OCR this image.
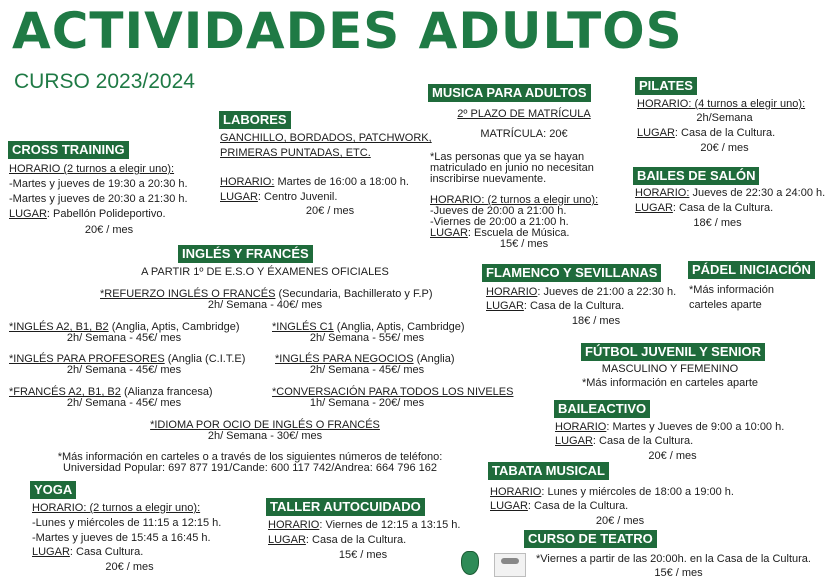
ACTIVIDADES ADULTOS
CURSO 2023/2024
LABORES
GANCHILLO, BORDADOS, PATCHWORK,
PRIMERAS PUNTADAS, ETC.
HORARIO: Martes de 16:00 a 18:00 h.
LUGAR: Centro Juvenil.
20€ / mes
CROSS TRAINING
HORARIO (2 turnos a elegir uno):
-Martes y jueves de 19:30 a 20:30 h.
-Martes y jueves de 20:30 a 21:30 h.
LUGAR: Pabellón Polideportivo.
20€ / mes
MUSICA PARA ADULTOS
2º PLAZO DE MATRÍCULA
MATRÍCULA: 20€
*Las personas que ya se hayan
matriculado en junio no necesitan
inscribirse nuevamente.
HORARIO: (2 turnos a elegir uno):
-Jueves de 20:00 a 21:00 h.
-Viernes de 20:00 a 21:00 h.
LUGAR: Escuela de Música.
15€ / mes
PILATES
HORARIO: (4 turnos a elegir uno):
2h/Semana
LUGAR: Casa de la Cultura.
20€ / mes
BAILES DE SALÓN
HORARIO: Jueves de 22:30 a 24:00 h.
LUGAR: Casa de la Cultura.
18€ / mes
INGLÉS Y FRANCÉS
A PARTIR 1º DE E.S.O Y ÉXAMENES OFICIALES
*REFUERZO INGLÉS O FRANCÉS (Secundaria, Bachillerato y F.P)
2h/ Semana - 40€/ mes
*INGLÉS A2, B1, B2 (Anglia, Aptis, Cambridge)
2h/ Semana - 45€/ mes
*INGLÉS C1 (Anglia, Aptis, Cambridge)
2h/ Semana - 55€/ mes
*INGLÉS PARA PROFESORES (Anglia (C.I.T.E)
2h/ Semana - 45€/ mes
*INGLÉS PARA NEGOCIOS (Anglia)
2h/ Semana - 45€/ mes
*FRANCÉS A2, B1, B2 (Alianza francesa)
2h/ Semana - 45€/ mes
*CONVERSACIÓN PARA TODOS LOS NIVELES
1h/ Semana - 20€/ mes
*IDIOMA POR OCIO DE INGLÉS O FRANCÉS
2h/ Semana - 30€/ mes
*Más información en carteles o a través de los siguientes números de teléfono:
Universidad Popular: 697 877 191/Cande: 600 117 742/Andrea: 664 796 162
FLAMENCO Y SEVILLANAS
HORARIO: Jueves de 21:00 a 22:30 h.
LUGAR: Casa de la Cultura.
18€ / mes
PÁDEL INICIACIÓN
*Más información
carteles aparte
FÚTBOL JUVENIL Y SENIOR
MASCULINO Y FEMENINO
*Más información en carteles aparte
BAILEACTIVO
HORARIO: Martes y Jueves de 9:00 a 10:00 h.
LUGAR: Casa de la Cultura.
20€ / mes
TABATA MUSICAL
HORARIO: Lunes y miércoles de 18:00 a 19:00 h.
LUGAR: Casa de la Cultura.
20€ / mes
YOGA
HORARIO: (2 turnos a elegir uno):
-Lunes y miércoles de 11:15 a 12:15 h.
-Martes y jueves de 15:45 a 16:45 h.
LUGAR: Casa Cultura.
20€ / mes
TALLER AUTOCUIDADO
HORARIO: Viernes de 12:15 a 13:15 h.
LUGAR: Casa de la Cultura.
15€ / mes
CURSO DE TEATRO
*Viernes a partir de las 20:00h. en la Casa de la Cultura.
15€ / mes
